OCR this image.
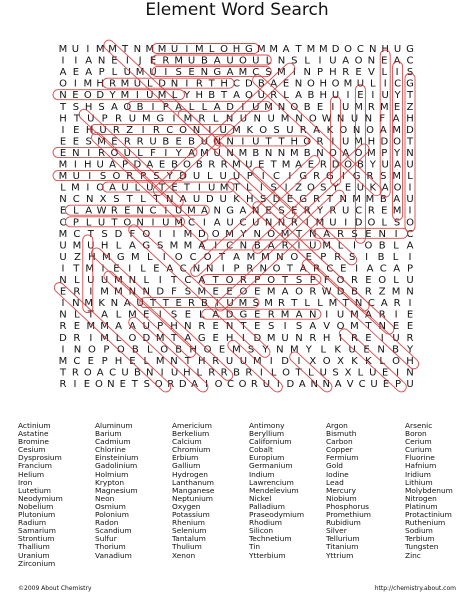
Element Word Search
M U I M M T N M M U I M L O H G M M A T M M D O C N H U G
I I A N E I J E R M U B A U O U L N S L I U A O N E A C
A E A P L U M U I S E N G A M C S M I N P H R E V L I S
O I M H R M U L D N I R T H C D B A E N O H O M U L I C G
N E O D Y M I U M L Y H B T A O U R L A B H U I E I U Y T
T S H S A O B I P A L L A D I U M N O B E I U M R M E Z
H T U P R U M G I M R L N U N U M N O W N U N F A H
I E H U R Z I R C O N I U M K O S U R A K O N O A M D
E E S M E R R U B E B U N N I U T T H O R I U M H D O T
E N I R O U L F I Y A M U N M B N N M B N O A O M P Y N
M I H U A P D A E B O B R R M U E T M A E R D O B Y U A U
M U I S O R P S Y D U L U U P I C I G R G I G R S M L
L M I O A U L U T E T I U M T L I S I Z O S Y E U K A O I
N C N X S T L T N A U D U K H S D E G R T N M M B A U
E L A W R E N C I U M A N G A N E S E R Y R U C R E M I
C P L U T O N I U M C I A U C U N N R I M U I D O L S O
M C T S D F O I I M D O M Y N O M T N A R S E N I C
U M U H L A G S M M A I C N B A R I U M L I O B L A
U Z H M G M L I O C O T A M M N O E P R S I B L I
I T M I E I L E A C N N I P R N O T A R C E I A C A P
N L U U M N L I T C A T O R P O T S P F O R E O L U
E R I M M N N D F S M E E O E M A O R W D B R Z M N
I N M K N A U T T E R B I U M S M R T L L M T N C A R I
N L T A L M E I S E L A D G E R M A N I U M A R I E
R E M M A A U P H N R E N T E S I S A V O M T N E E
D R I M L O D M T A G E H I D M U N R H I R E I U R
I N O P O B L O B H O E M S Y N M Y L K U E N B Y
M C E P H E L M N T H R U U M I D I X O X K K L O H
T R O A C U B N I U H L R R B R I L O T L U S X L U E I N
R I E O N E T S O R D A I O C O R U I D A N N A V C U E P U
Actinium
Astatine
Bromine
Cesium
Dysprosium
Francium
Helium
Iron
Lutetium
Neodymium
Nobelium
Plutonium
Radium
Samarium
Strontium
Thallium
Uranium
Zirconium
Aluminum
Barium
Cadmium
Chlorine
Einsteinium
Gadolinium
Holmium
Krypton
Magnesium
Neon
Osmium
Polonium
Radon
Scandium
Sulfur
Thorium
Vanadium
Americium
Berkelium
Calcium
Chromium
Erbium
Gallium
Hydrogen
Lanthanum
Manganese
Neptunium
Oxygen
Potassium
Rhenium
Selenium
Tantalum
Thulium
Xenon
Antimony
Beryllium
Californium
Cobalt
Europium
Germanium
Indium
Lawrencium
Mendelevium
Nickel
Palladium
Praseodymium
Rhodium
Silicon
Technetium
Tin
Ytterbium
Argon
Bismuth
Carbon
Copper
Fermium
Gold
Iodine
Lead
Mercury
Niobium
Phosphorus
Promethium
Rubidium
Silver
Tellurium
Titanium
Yttrium
Arsenic
Boron
Cerium
Curium
Fluorine
Hafnium
Iridium
Lithium
Molybdenum
Nitrogen
Platinum
Protactinium
Ruthenium
Sodium
Terbium
Tungsten
Zinc
©2009 About Chemistry	http://chemistry.about.com
